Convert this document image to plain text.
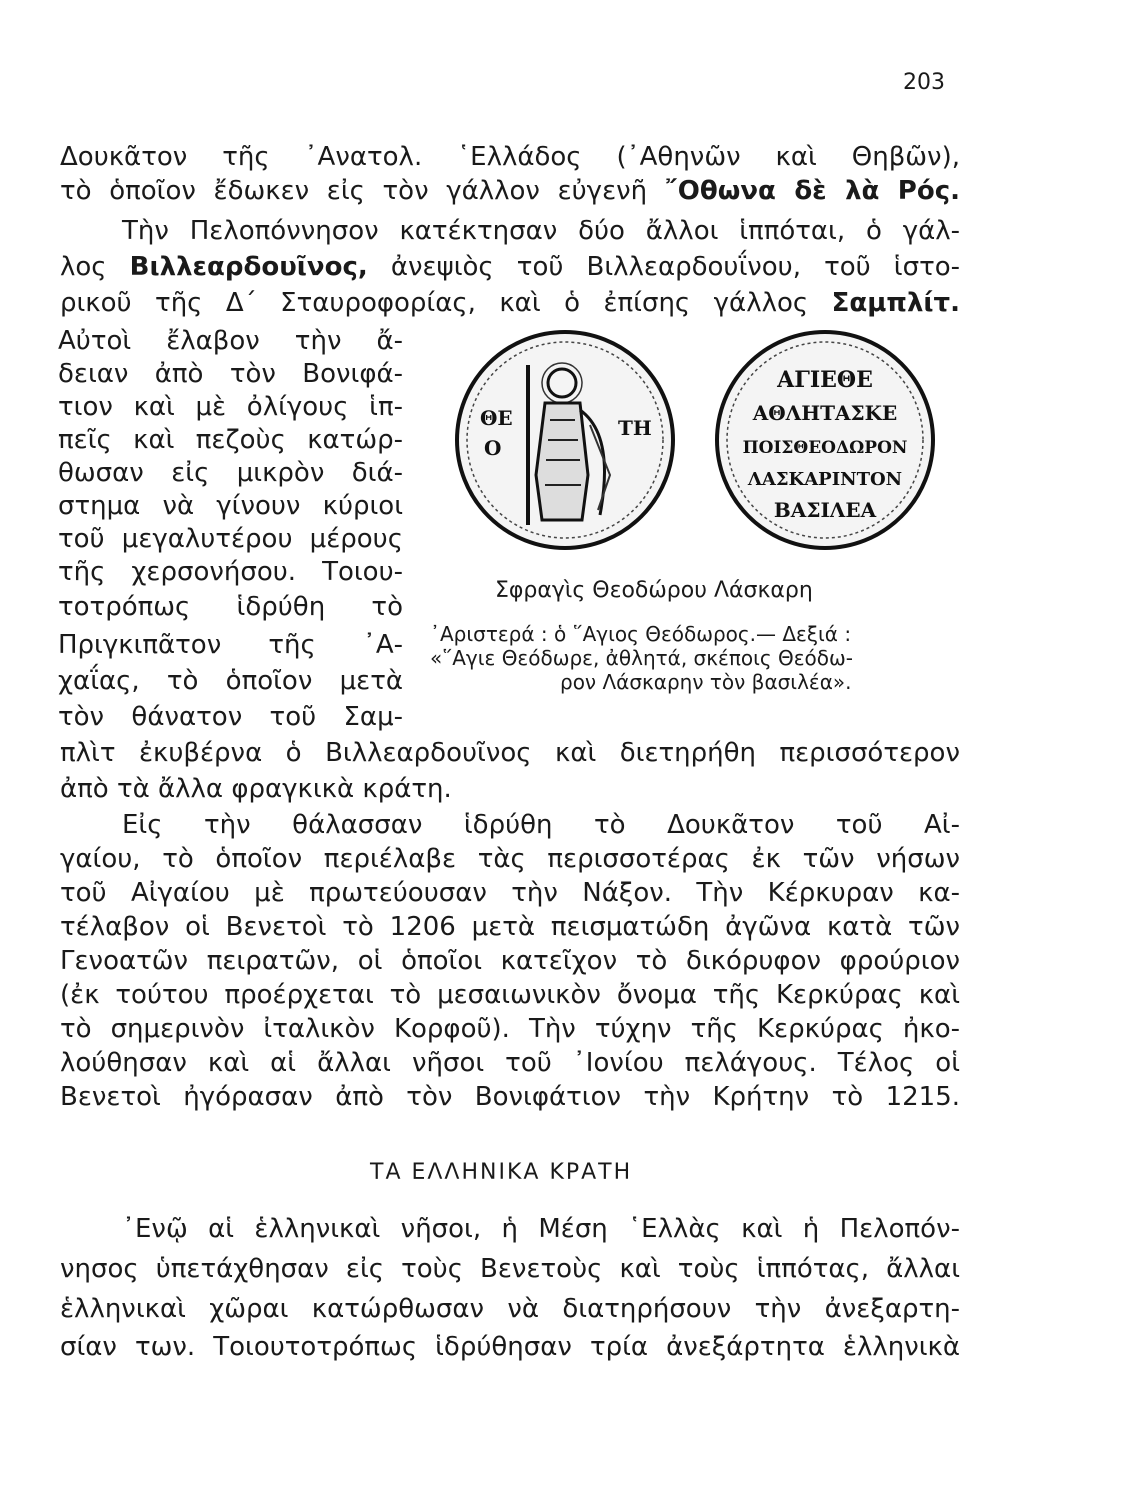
203
Δουκᾶτον τῆς ᾿Ανατολ. ῾Ελλάδος (᾿Αθηνῶν καὶ Θηβῶν),
τὸ ὁποῖον ἔδωκεν εἰς τὸν γάλλον εὐγενῆ ῎Οθωνα δὲ λὰ Ρός.
Τὴν Πελοπόννησον κατέκτησαν δύο ἄλλοι ἱππόται, ὁ γάλ-
λος Βιλλεαρδουῖνος, ἀνεψιὸς τοῦ Βιλλεαρδουΐνου, τοῦ ἱστο-
ρικοῦ τῆς Δ΄ Σταυροφορίας, καὶ ὁ ἐπίσης γάλλος Σαμπλίτ.
Αὐτοὶ ἔλαβον τὴν ἄ-
δειαν ἀπὸ τὸν Βονιφά-
τιον καὶ μὲ ὀλίγους ἱπ-
πεῖς καὶ πεζοὺς κατώρ-
θωσαν εἰς μικρὸν διά-
στημα νὰ γίνουν κύριοι
τοῦ μεγαλυτέρου μέρους
τῆς χερσονήσου. Τοιου-
τοτρόπως ἱδρύθη τὸ
Πριγκιπᾶτον τῆς ᾿Α-
χαΐας, τὸ ὁποῖον μετὰ
τὸν θάνατον τοῦ Σαμ-
ΘΕ
Ο
ΤΗ
ΑΓΙΕΘΕ
ΑΘΛΗΤΑΣΚΕ
ΠΟΙΣΘΕΟΔΩΡΟΝ
ΛΑΣΚΑΡΙΝΤΟΝ
ΒΑΣΙΛΕΑ
Σφραγὶς Θεοδώρου Λάσκαρη
᾿Αριστερά : ὁ ῞Αγιος Θεόδωρος.— Δεξιά :
«῞Αγιε Θεόδωρε, ἀθλητά, σκέποις Θεόδω-
ρον Λάσκαρην τὸν βασιλέα».
πλὶτ ἐκυβέρνα ὁ Βιλλεαρδουῖνος καὶ διετηρήθη περισσότερον
ἀπὸ τὰ ἄλλα φραγκικὰ κράτη.
Εἰς τὴν θάλασσαν ἱδρύθη τὸ Δουκᾶτον τοῦ Αἰ-
γαίου, τὸ ὁποῖον περιέλαβε τὰς περισσοτέρας ἐκ τῶν νήσων
τοῦ Αἰγαίου μὲ πρωτεύουσαν τὴν Νάξον. Τὴν Κέρκυραν κα-
τέλαβον οἱ Βενετοὶ τὸ 1206 μετὰ πεισματώδη ἀγῶνα κατὰ τῶν
Γενοατῶν πειρατῶν, οἱ ὁποῖοι κατεῖχον τὸ δικόρυφον φρούριον
(ἐκ τούτου προέρχεται τὸ μεσαιωνικὸν ὄνομα τῆς Κερκύρας καὶ
τὸ σημερινὸν ἰταλικὸν Κορφοῦ). Τὴν τύχην τῆς Κερκύρας ἠκο-
λούθησαν καὶ αἱ ἄλλαι νῆσοι τοῦ ᾿Ιονίου πελάγους. Τέλος οἱ
Βενετοὶ ἠγόρασαν ἀπὸ τὸν Βονιφάτιον τὴν Κρήτην τὸ 1215.
ΤΑ ΕΛΛΗΝΙΚΑ ΚΡΑΤΗ
᾿Ενῷ αἱ ἑλληνικαὶ νῆσοι, ἡ Μέση ῾Ελλὰς καὶ ἡ Πελοπόν-
νησος ὑπετάχθησαν εἰς τοὺς Βενετοὺς καὶ τοὺς ἱππότας, ἄλλαι
ἑλληνικαὶ χῶραι κατώρθωσαν νὰ διατηρήσουν τὴν ἀνεξαρτη-
σίαν των. Τοιουτοτρόπως ἱδρύθησαν τρία ἀνεξάρτητα ἑλληνικὰ
